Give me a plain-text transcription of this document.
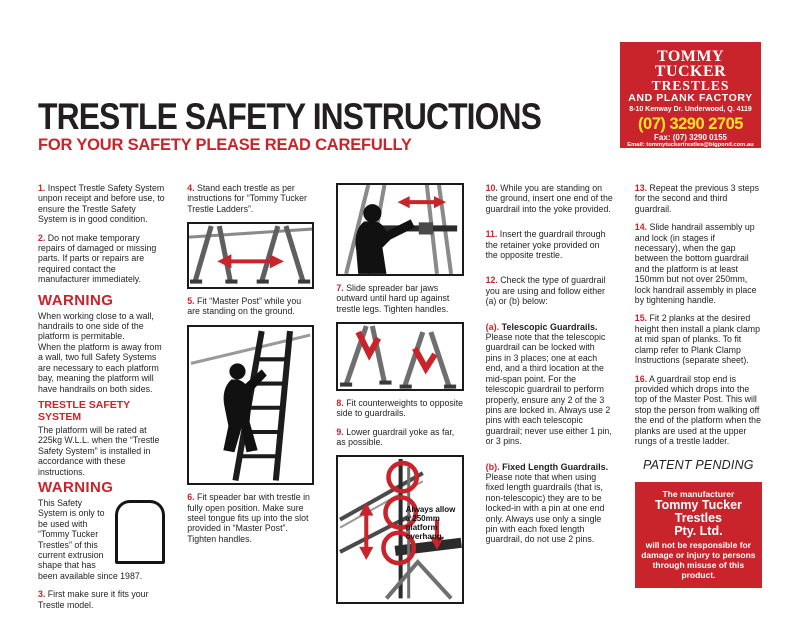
TRESTLE SAFETY INSTRUCTIONS
FOR YOUR SAFETY PLEASE READ CAREFULLY
TOMMY TUCKER
TRESTLES
AND PLANK FACTORY
8-10 Kenway Dr. Underwood, Q. 4119
(07) 3290 2705
Fax: (07) 3290 0155
Email: tommytuckertrestles@bigpond.com.au
Web: www.tommytuckertrestles.com.au

1. Inspect Trestle Safety System unpon receipt and before use, to ensure the Trestle Safety System is in good condition.

2. Do not make temporary repairs of damaged or missing parts. If parts or repairs are required contact the manufacturer immediately.

WARNING

When working close to a wall, handrails to one side of the platform is permitable.

When the platform is away from a wall, two full Safety Systems are necessary to each platform bay, meaning the platform will have handrails on both sides.

TRESTLE SAFETY SYSTEM

The platform will be rated at 225kg W.L.L. when the “Trestle Safety System” is installed in accordance with these instructions.

WARNING

This Safety System is only to be used with “Tommy Tucker Trestles” of this current extrusion shape that has been available since 1987.

3. First make sure it fits your Trestle model.

4. Stand each trestle as per instructions for “Tommy Tucker Trestle Ladders”.

5. Fit “Master Post” while you are standing on the ground.

6. Fit speader bar with trestle in fully open position. Make sure steel tongue fits up into the slot provided in “Master Post”. Tighten handles.

7. Slide spreader bar jaws outward until hard up against trestle legs. Tighten handles.

8. Fit counterweights to opposite side to guardrails.

9. Lower guardrail yoke as far, as possible.

Always allow a 250mm platform overhang.

10. While you are standing on the ground, insert one end of the guardrail into the yoke provided.

11. Insert the guardrail through the retainer yoke provided on the opposite trestle.

12. Check the type of guardrail you are using and follow either (a) or (b) below:

(a). Telescopic Guardrails.

Please note that the telescopic guardrail can be locked with pins in 3 places; one at each end, and a third location at the mid-span point. For the telescopic guardrail to perform properly, ensure any 2 of the 3 pins are locked in. Always use 2 pins with each telescopic guardrail; never use either 1 pin, or 3 pins.

(b). Fixed Length Guardrails.

Please note that when using fixed length guardrails (that is, non-telescopic) they are to be locked-in with a pin at one end only. Always use only a single pin with each fixed length guardrail, do not use 2 pins.

13. Repeat the previous 3 steps for the second and third guardrail.

14. Slide handrail assembly up and lock (in stages if necessary), when the gap between the bottom guardrail and the platform is at least 150mm but not over 250mm, lock handrail assembly in place by tightening handle.

15. Fit 2 planks at the desired height then install a plank clamp at mid span of planks. To fit clamp refer to Plank Clamp Instructions (separate sheet).

16. A guardrail stop end is provided which drops into the top of the Master Post. This will stop the person from walking off the end of the platform when the planks are used at the upper rungs of a trestle ladder.

PATENT PENDING
The manufacturer
Tommy Tucker Trestles
Pty. Ltd.
will not be responsible for damage or injury to persons through misuse of this product.
